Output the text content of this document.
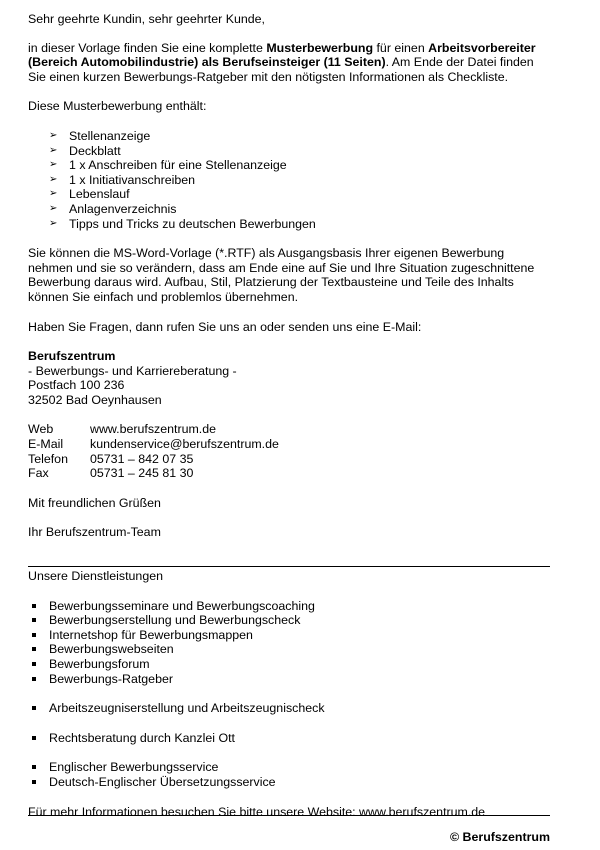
Sehr geehrte Kundin, sehr geehrter Kunde,

in dieser Vorlage finden Sie eine komplette Musterbewerbung für einen Arbeitsvorbereiter (Bereich Automobilindustrie) als Berufseinsteiger (11 Seiten). Am Ende der Datei finden Sie einen kurzen Bewerbungs-Ratgeber mit den nötigsten Informationen als Checkliste.

Diese Musterbewerbung enthält:

➢ Stellenanzeige
➢ Deckblatt
➢ 1 x Anschreiben für eine Stellenanzeige
➢ 1 x Initiativanschreiben
➢ Lebenslauf
➢ Anlagenverzeichnis
➢ Tipps und Tricks zu deutschen Bewerbungen

Sie können die MS-Word-Vorlage (*.RTF) als Ausgangsbasis Ihrer eigenen Bewerbung nehmen und sie so verändern, dass am Ende eine auf Sie und Ihre Situation zugeschnittene Bewerbung daraus wird. Aufbau, Stil, Platzierung der Textbausteine und Teile des Inhalts können Sie einfach und problemlos übernehmen.

Haben Sie Fragen, dann rufen Sie uns an oder senden uns eine E-Mail:

Berufszentrum

- Bewerbungs- und Karriereberatung -

Postfach 100 236

32502 Bad Oeynhausen

Web	www.berufszentrum.de
E-Mail	kundenservice@berufszentrum.de
Telefon	05731 – 842 07 35
Fax	05731 – 245 81 30

Mit freundlichen Grüßen

Ihr Berufszentrum-Team

Unsere Dienstleistungen

Bewerbungsseminare und Bewerbungscoaching
Bewerbungserstellung und Bewerbungscheck
Internetshop für Bewerbungsmappen
Bewerbungswebseiten
Bewerbungsforum
Bewerbungs-Ratgeber
Arbeitszeugniserstellung und Arbeitszeugnischeck
Rechtsberatung durch Kanzlei Ott
Englischer Bewerbungsservice
Deutsch-Englischer Übersetzungsservice

Für mehr Informationen besuchen Sie bitte unsere Website: www.berufszentrum.de

© Berufszentrum
